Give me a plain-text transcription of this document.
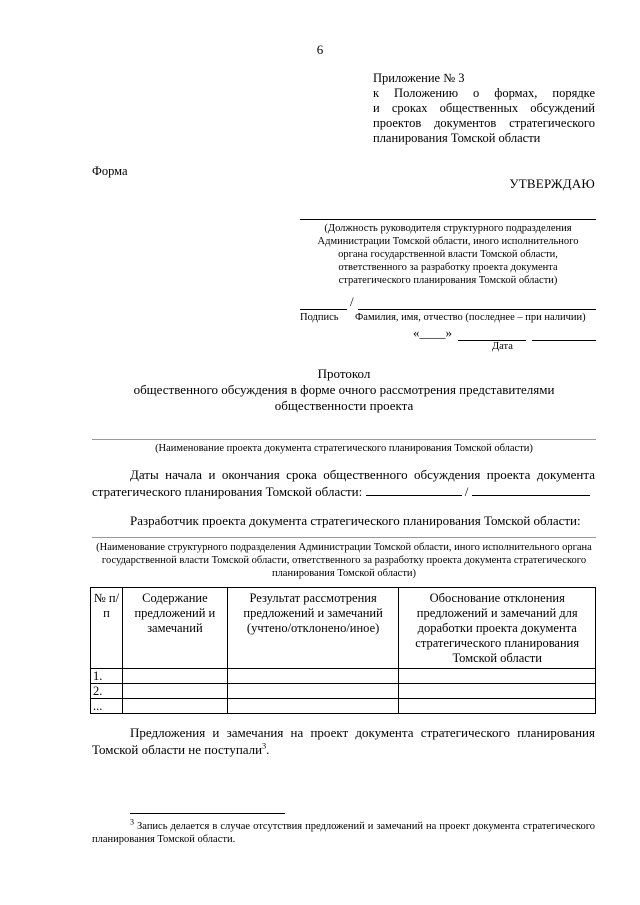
6
Приложение № 3
к Положению о формах, порядке
и сроках общественных обсуждений
проектов документов стратегического
планирования Томской области
Форма
УТВЕРЖДАЮ
(Должность руководителя структурного подразделения
Администрации Томской области, иного исполнительного
органа государственной власти Томской области,
ответственного за разработку проекта документа
стратегического планирования Томской области)
/
Подпись Фамилия, имя, отчество (последнее – при наличии)
«____»
Дата
Протокол
общественного обсуждения в форме очного рассмотрения представителями
общественности проекта
(Наименование проекта документа стратегического планирования Томской области)
Даты начала и окончания срока общественного обсуждения проекта документа стратегического планирования Томской области:	/
Разработчик проекта документа стратегического планирования Томской области:
(Наименование структурного подразделения Администрации Томской области, иного исполнительного органа государственной власти Томской области, ответственного за разработку проекта документа стратегического планирования Томской области)
№ п/п	Содержание предложений и замечаний	Результат рассмотрения предложений и замечаний (учтено/отклонено/иное)	Обоснование отклонения предложений и замечаний для доработки проекта документа стратегического планирования Томской области
1.			
2.			
...			
Предложения и замечания на проект документа стратегического планирования Томской области не поступали$^3$.
$^3$ Запись делается в случае отсутствия предложений и замечаний на проект документа стратегического планирования Томской области.
